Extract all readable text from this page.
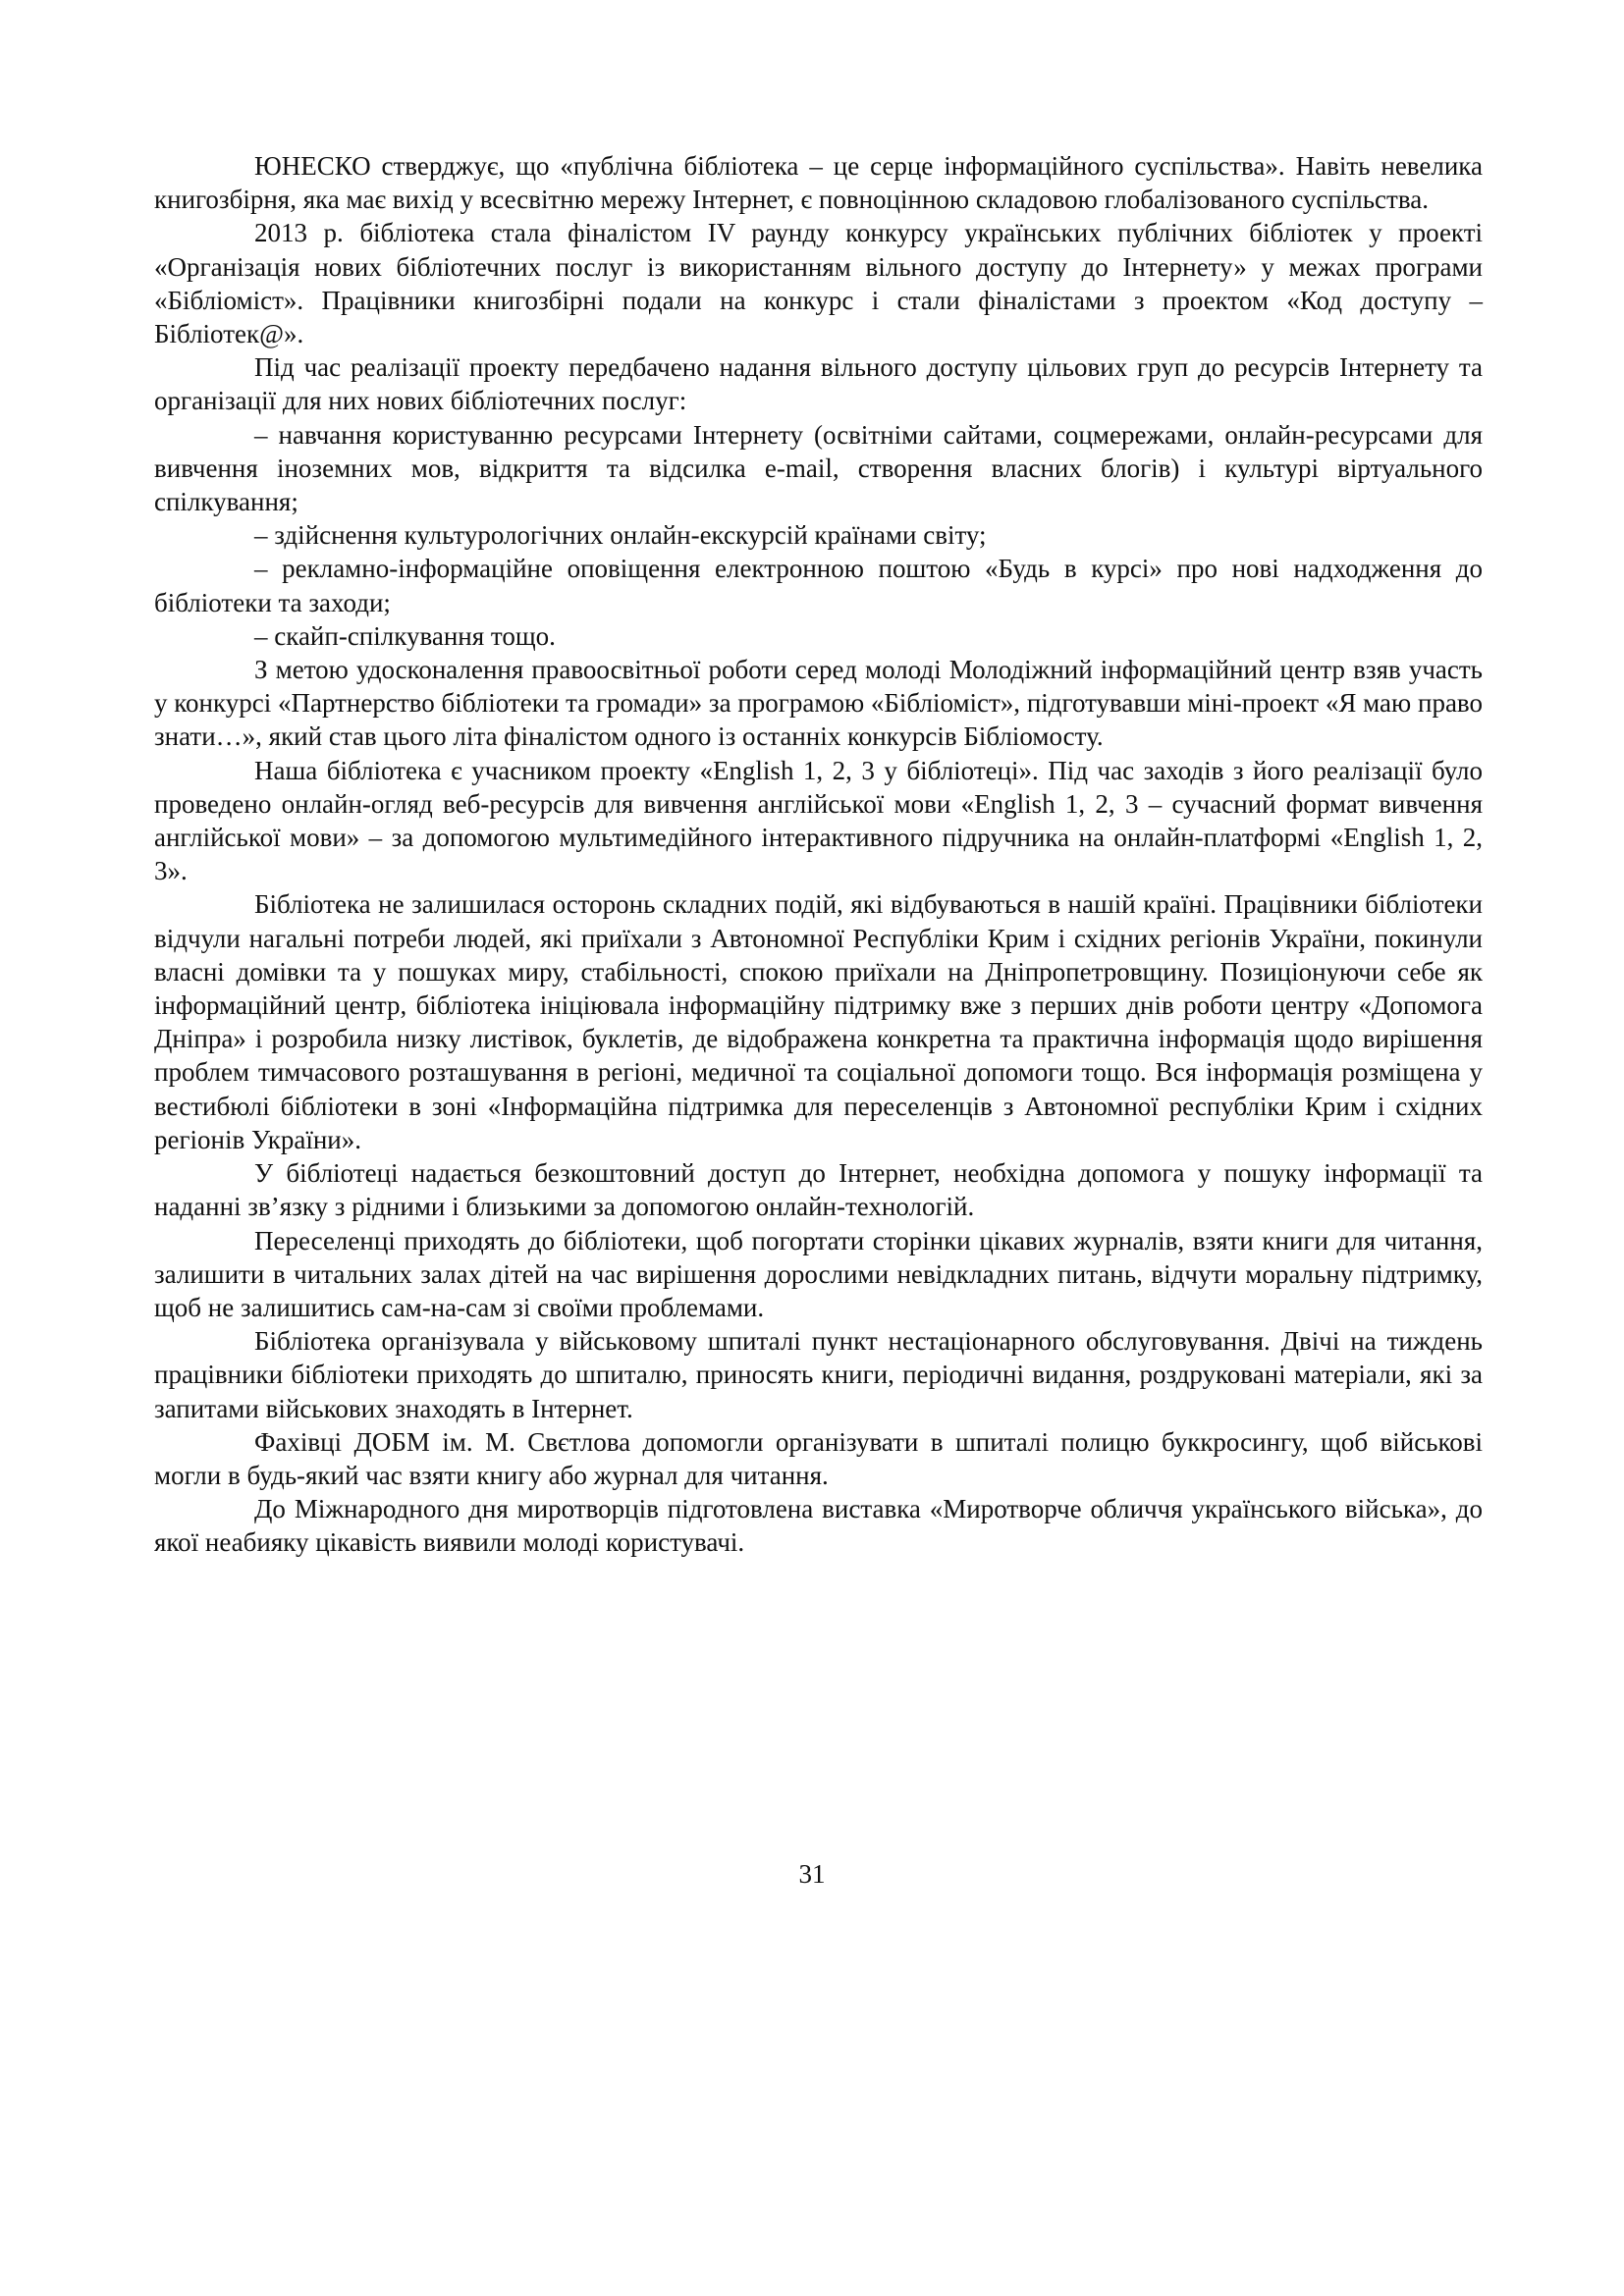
ЮНЕСКО стверджує, що «публічна бібліотека – це серце інформаційного суспільства». Навіть невелика книгозбірня, яка має вихід у всесвітню мережу Інтернет, є повноцінною складовою глобалізованого суспільства.

2013 р. бібліотека стала фіналістом IV раунду конкурсу українських публічних бібліотек у проекті «Організація нових бібліотечних послуг із використанням вільного доступу до Інтернету» у межах програми «Бібліоміст». Працівники книгозбірні подали на конкурс і стали фіналістами з проектом «Код доступу – Бібліотек@».

Під час реалізації проекту передбачено надання вільного доступу цільових груп до ресурсів Інтернету та організації для них нових бібліотечних послуг:

– навчання користуванню ресурсами Інтернету (освітніми сайтами, соцмережами, онлайн-ресурсами для вивчення іноземних мов, відкриття та відсилка e-mail, створення власних блогів) і культурі віртуального спілкування;

– здійснення культурологічних онлайн-екскурсій країнами світу;

– рекламно-інформаційне оповіщення електронною поштою «Будь в курсі» про нові надходження до бібліотеки та заходи;

– скайп-спілкування тощо.

З метою удосконалення правоосвітньої роботи серед молоді Молодіжний інформаційний центр взяв участь у конкурсі «Партнерство бібліотеки та громади» за програмою «Бібліоміст», підготувавши міні-проект «Я маю право знати…», який став цього літа фіналістом одного із останніх конкурсів Бібліомосту.

Наша бібліотека є учасником проекту «English 1, 2, 3 у бібліотеці». Під час заходів з його реалізації було проведено онлайн-огляд веб-ресурсів для вивчення англійської мови «English 1, 2, 3 – сучасний формат вивчення англійської мови» – за допомогою мультимедійного інтерактивного підручника на онлайн-платформі «English 1, 2, 3».

Бібліотека не залишилася осторонь складних подій, які відбуваються в нашій країні. Працівники бібліотеки відчули нагальні потреби людей, які приїхали з Автономної Республіки Крим і східних регіонів України, покинули власні домівки та у пошуках миру, стабільності, спокою приїхали на Дніпропетровщину. Позиціонуючи себе як інформаційний центр, бібліотека ініціювала інформаційну підтримку вже з перших днів роботи центру «Допомога Дніпра» і розробила низку листівок, буклетів, де відображена конкретна та практична інформація щодо вирішення проблем тимчасового розташування в регіоні, медичної та соціальної допомоги тощо. Вся інформація розміщена у вестибюлі бібліотеки в зоні «Інформаційна підтримка для переселенців з Автономної республіки Крим і східних регіонів України».

У бібліотеці надається безкоштовний доступ до Інтернет, необхідна допомога у пошуку інформації та наданні зв’язку з рідними і близькими за допомогою онлайн-технологій.

Переселенці приходять до бібліотеки, щоб погортати сторінки цікавих журналів, взяти книги для читання, залишити в читальних залах дітей на час вирішення дорослими невідкладних питань, відчути моральну підтримку, щоб не залишитись сам-на-сам зі своїми проблемами.

Бібліотека організувала у військовому шпиталі пункт нестаціонарного обслуговування. Двічі на тиждень працівники бібліотеки приходять до шпиталю, приносять книги, періодичні видання, роздруковані матеріали, які за запитами військових знаходять в Інтернет.

Фахівці ДОБМ ім. М. Свєтлова допомогли організувати в шпиталі полицю буккросингу, щоб військові могли в будь-який час взяти книгу або журнал для читання.

До Міжнародного дня миротворців підготовлена виставка «Миротворче обличчя українського війська», до якої неабияку цікавість виявили молоді користувачі.

31
